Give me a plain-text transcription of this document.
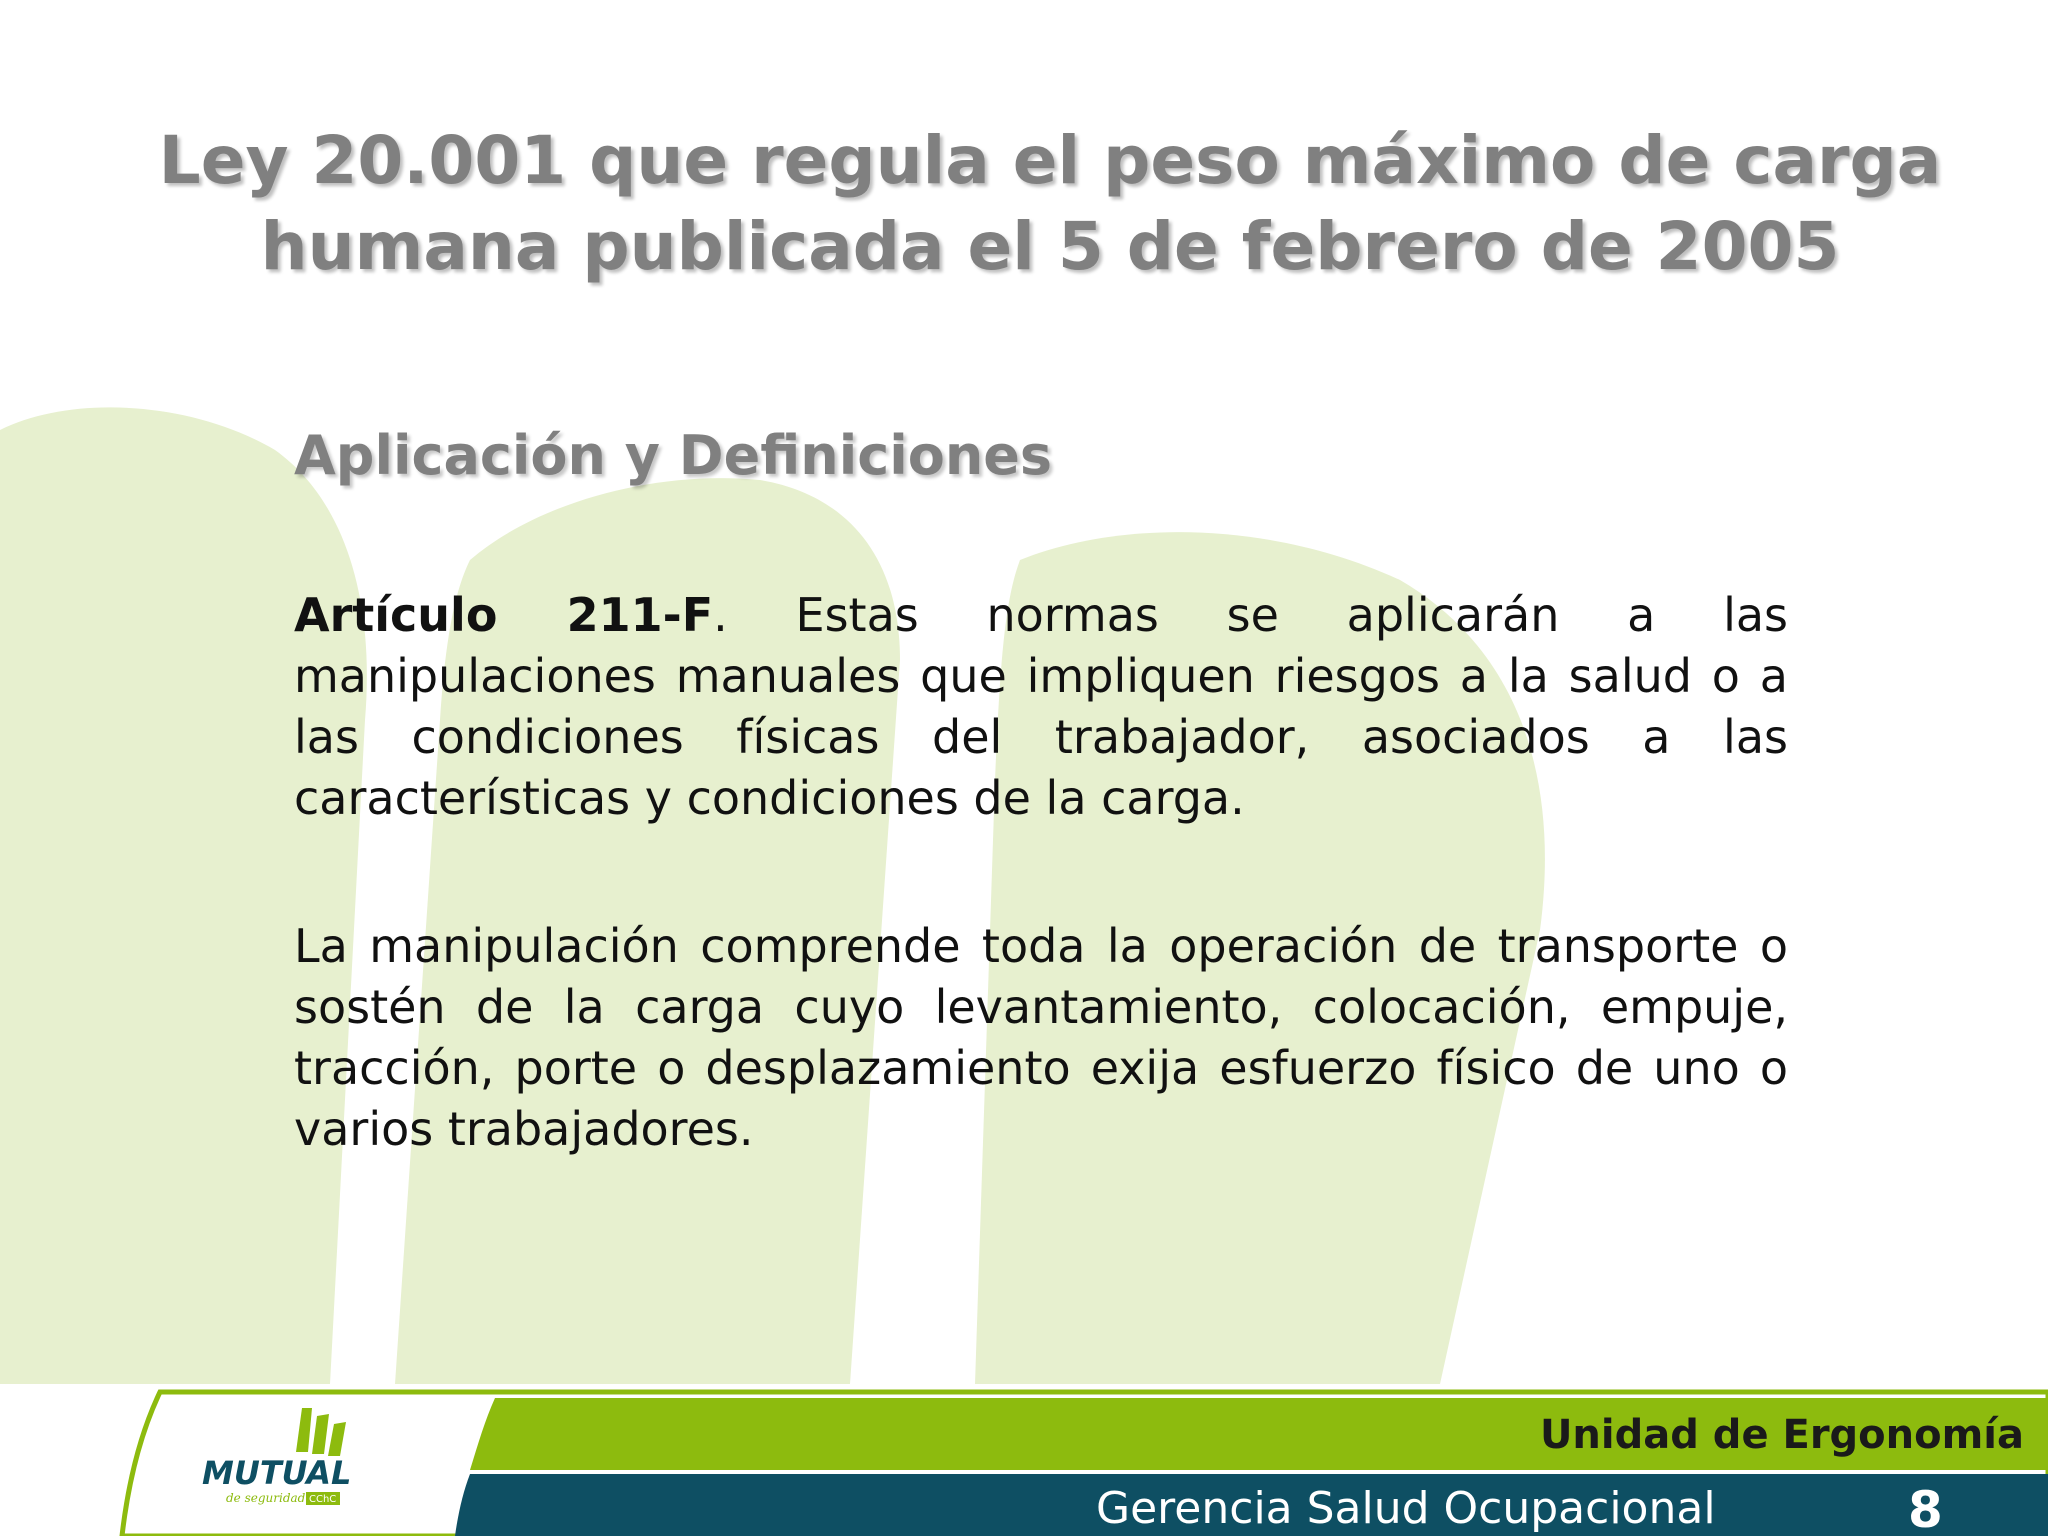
Ley 20.001 que regula el peso máximo de carga
humana publicada el 5 de febrero de 2005
Aplicación y Definiciones
Artículo 211-F. Estas normas se aplicarán a las manipulaciones manuales que impliquen riesgos a la salud o a las condiciones físicas del trabajador, asociados a las características y condiciones de la carga.
La manipulación comprende toda la operación de transporte o sostén de la carga cuyo levantamiento, colocación, empuje, tracción, porte o desplazamiento exija esfuerzo físico de uno o varios trabajadores.
MUTUAL
de seguridad CChC
Unidad de Ergonomía
Gerencia Salud Ocupacional	8
